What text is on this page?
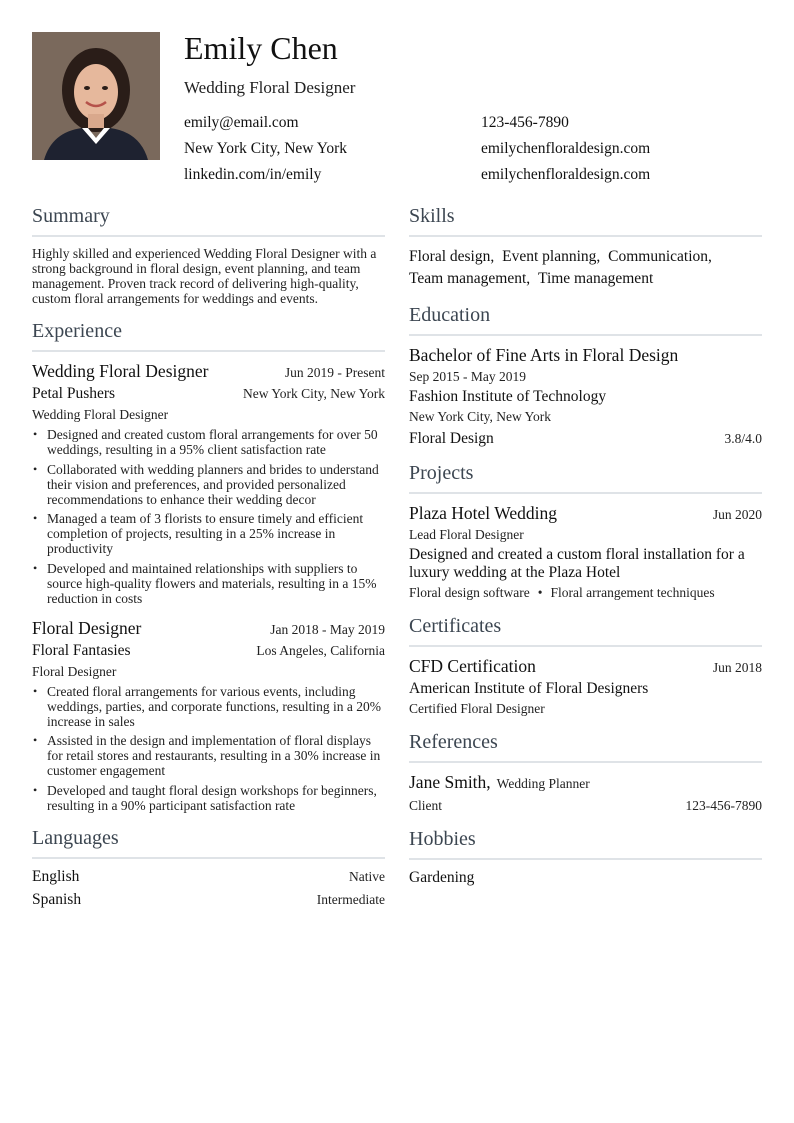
Emily Chen
Wedding Floral Designer
emily@email.com	123-456-7890
New York City, New York	emilychenfloraldesign.com
linkedin.com/in/emily	emilychenfloraldesign.com
Summary
Highly skilled and experienced Wedding Floral Designer with a strong background in floral design, event planning, and team management. Proven track record of delivering high-quality, custom floral arrangements for weddings and events.
Experience
Wedding Floral Designer	Jun 2019 - Present
Petal Pushers	New York City, New York
Wedding Floral Designer
• Designed and created custom floral arrangements for over 50 weddings, resulting in a 95% client satisfaction rate
• Collaborated with wedding planners and brides to understand their vision and preferences, and provided personalized recommendations to enhance their wedding decor
• Managed a team of 3 florists to ensure timely and efficient completion of projects, resulting in a 25% increase in productivity
• Developed and maintained relationships with suppliers to source high-quality flowers and materials, resulting in a 15% reduction in costs
Floral Designer	Jan 2018 - May 2019
Floral Fantasies	Los Angeles, California
Floral Designer
• Created floral arrangements for various events, including weddings, parties, and corporate functions, resulting in a 20% increase in sales
• Assisted in the design and implementation of floral displays for retail stores and restaurants, resulting in a 30% increase in customer engagement
• Developed and taught floral design workshops for beginners, resulting in a 90% participant satisfaction rate
Languages
English	Native
Spanish	Intermediate
Skills
Floral design, Event planning, Communication, Team management, Time management
Education
Bachelor of Fine Arts in Floral Design
Sep 2015 - May 2019
Fashion Institute of Technology
New York City, New York
Floral Design	3.8/4.0
Projects
Plaza Hotel Wedding	Jun 2020
Lead Floral Designer
Designed and created a custom floral installation for a luxury wedding at the Plaza Hotel
Floral design software • Floral arrangement techniques
Certificates
CFD Certification	Jun 2018
American Institute of Floral Designers
Certified Floral Designer
References
Jane Smith, Wedding Planner
Client	123-456-7890
Hobbies
Gardening
